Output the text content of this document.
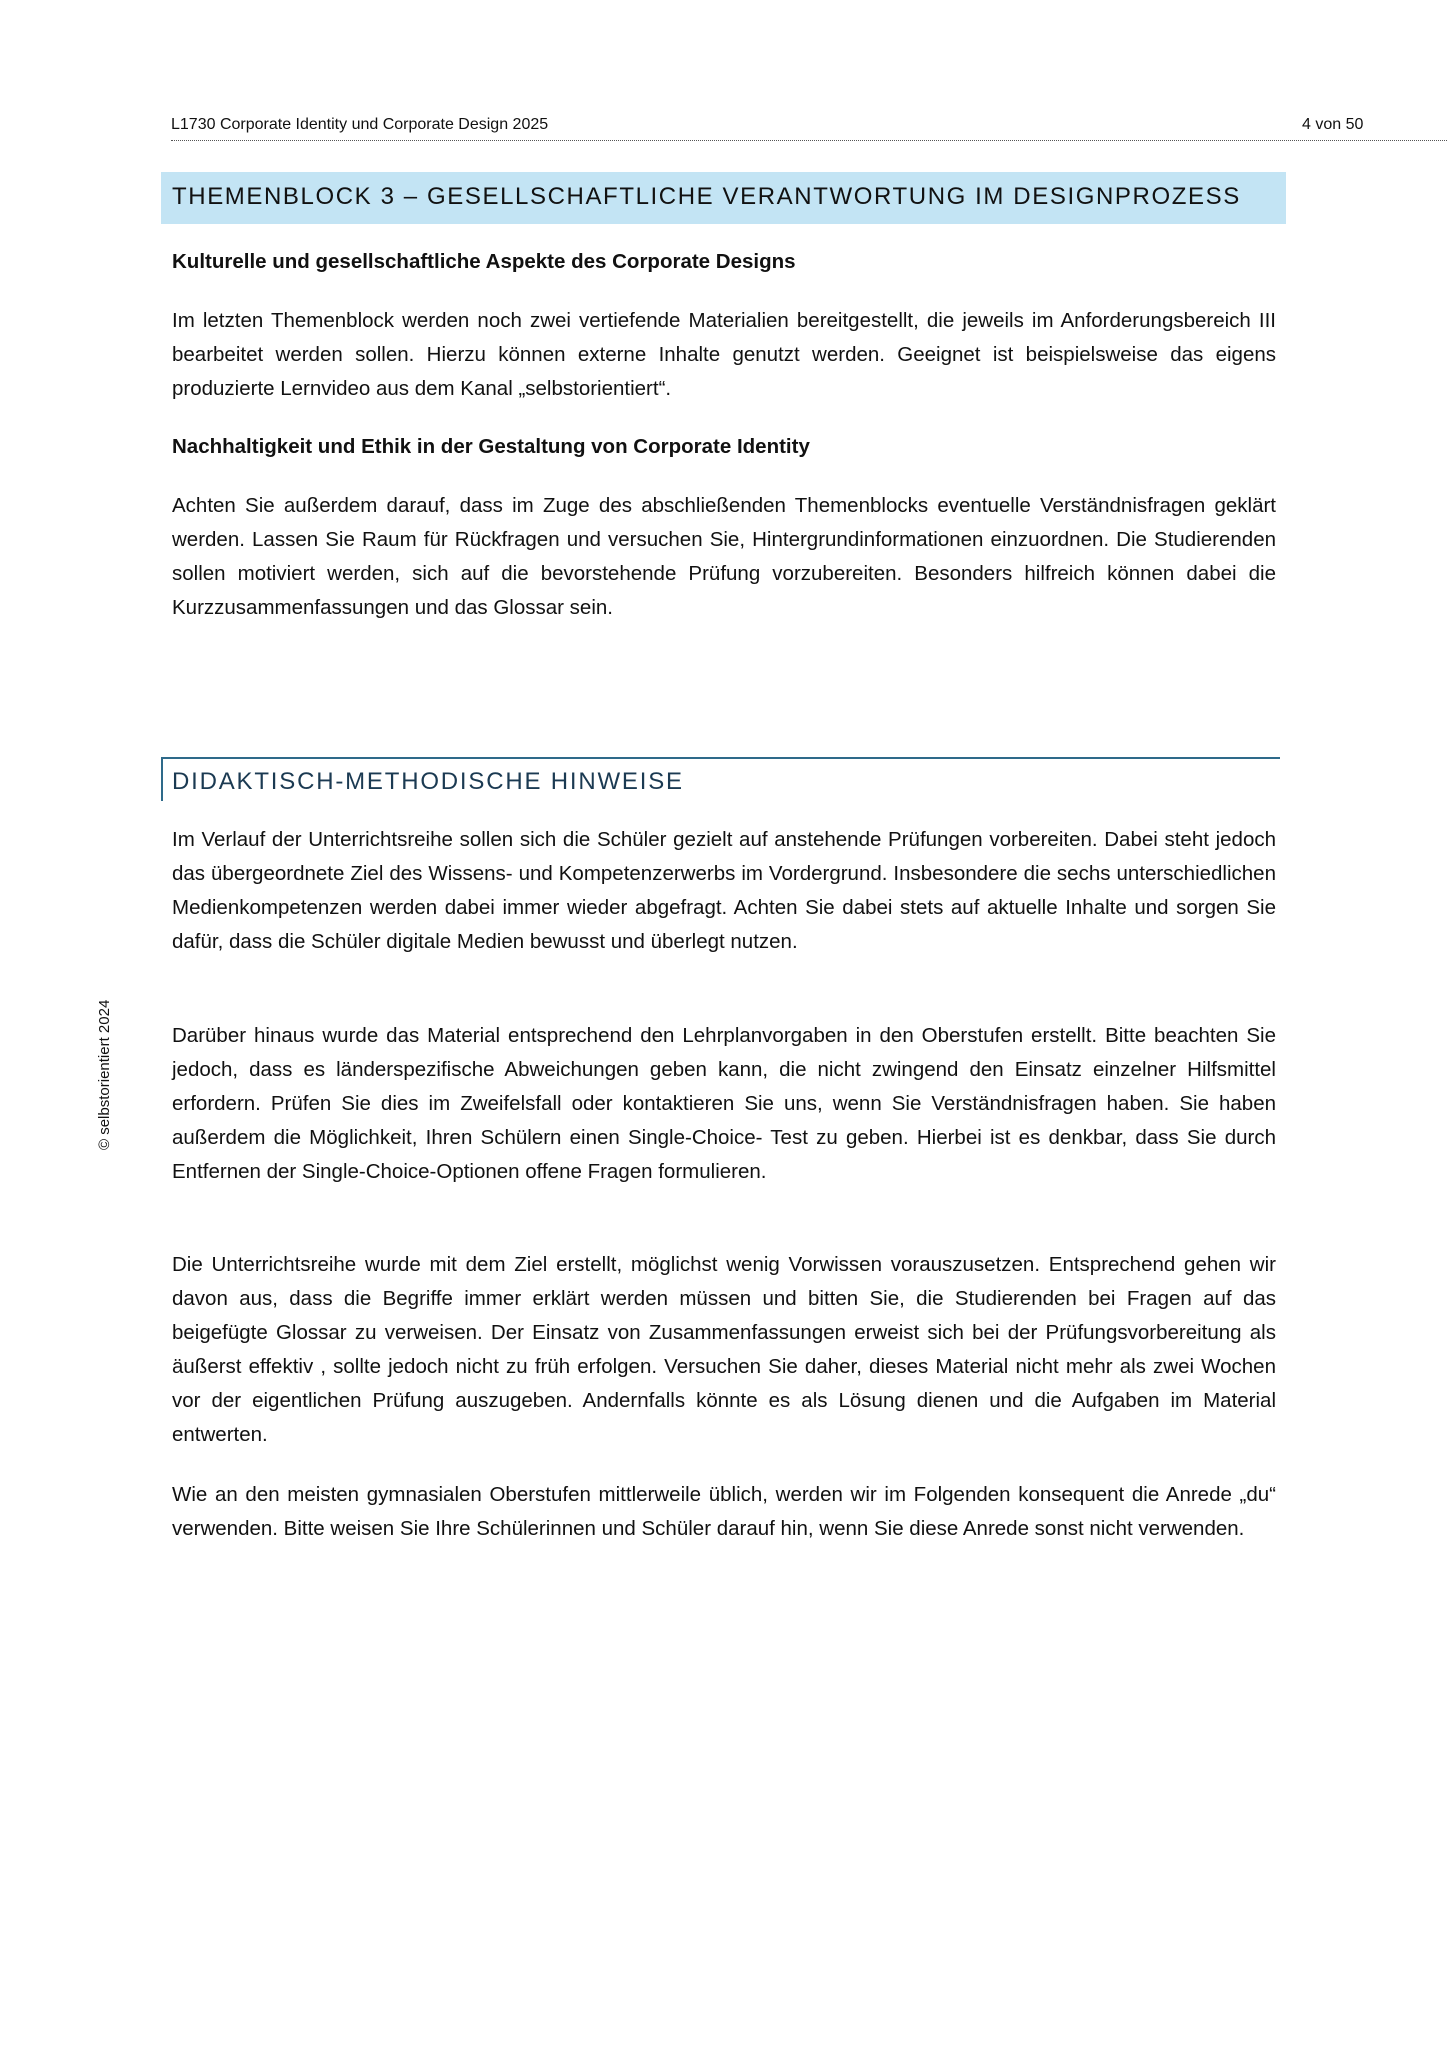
L1730 Corporate Identity und Corporate Design 2025	4 von 50
© selbstorientiert 2024
THEMENBLOCK 3 – GESELLSCHAFTLICHE VERANTWORTUNG IM DESIGNPROZESS

Kulturelle und gesellschaftliche Aspekte des Corporate Designs

Im letzten Themenblock werden noch zwei vertiefende Materialien bereitgestellt, die jeweils im Anforderungsbereich III bearbeitet werden sollen. Hierzu können externe Inhalte genutzt werden. Geeignet ist beispielsweise das eigens produzierte Lernvideo aus dem Kanal „selbstorientiert“.

Nachhaltigkeit und Ethik in der Gestaltung von Corporate Identity

Achten Sie außerdem darauf, dass im Zuge des abschließenden Themenblocks eventuelle Verständnisfragen geklärt werden. Lassen Sie Raum für Rückfragen und versuchen Sie, Hintergrundinformationen einzuordnen. Die Studierenden sollen motiviert werden, sich auf die bevorstehende Prüfung vorzubereiten. Besonders hilfreich können dabei die Kurzzusammenfassungen und das Glossar sein.

DIDAKTISCH-METHODISCHE HINWEISE

Im Verlauf der Unterrichtsreihe sollen sich die Schüler gezielt auf anstehende Prüfungen vorbereiten. Dabei steht jedoch das übergeordnete Ziel des Wissens- und Kompetenzerwerbs im Vordergrund. Insbesondere die sechs unterschiedlichen Medienkompetenzen werden dabei immer wieder abgefragt. Achten Sie dabei stets auf aktuelle Inhalte und sorgen Sie dafür, dass die Schüler digitale Medien bewusst und überlegt nutzen.

Darüber hinaus wurde das Material entsprechend den Lehrplanvorgaben in den Oberstufen erstellt. Bitte beachten Sie jedoch, dass es länderspezifische Abweichungen geben kann, die nicht zwingend den Einsatz einzelner Hilfsmittel erfordern. Prüfen Sie dies im Zweifelsfall oder kontaktieren Sie uns, wenn Sie Verständnisfragen haben. Sie haben außerdem die Möglichkeit, Ihren Schülern einen Single-Choice- Test zu geben. Hierbei ist es denkbar, dass Sie durch Entfernen der Single-Choice-Optionen offene Fragen formulieren.

Die Unterrichtsreihe wurde mit dem Ziel erstellt, möglichst wenig Vorwissen vorauszusetzen. Entsprechend gehen wir davon aus, dass die Begriffe immer erklärt werden müssen und bitten Sie, die Studierenden bei Fragen auf das beigefügte Glossar zu verweisen. Der Einsatz von Zusammenfassungen erweist sich bei der Prüfungsvorbereitung als äußerst effektiv , sollte jedoch nicht zu früh erfolgen. Versuchen Sie daher, dieses Material nicht mehr als zwei Wochen vor der eigentlichen Prüfung auszugeben. Andernfalls könnte es als Lösung dienen und die Aufgaben im Material entwerten.

Wie an den meisten gymnasialen Oberstufen mittlerweile üblich, werden wir im Folgenden konsequent die Anrede „du“ verwenden. Bitte weisen Sie Ihre Schülerinnen und Schüler darauf hin, wenn Sie diese Anrede sonst nicht verwenden.
